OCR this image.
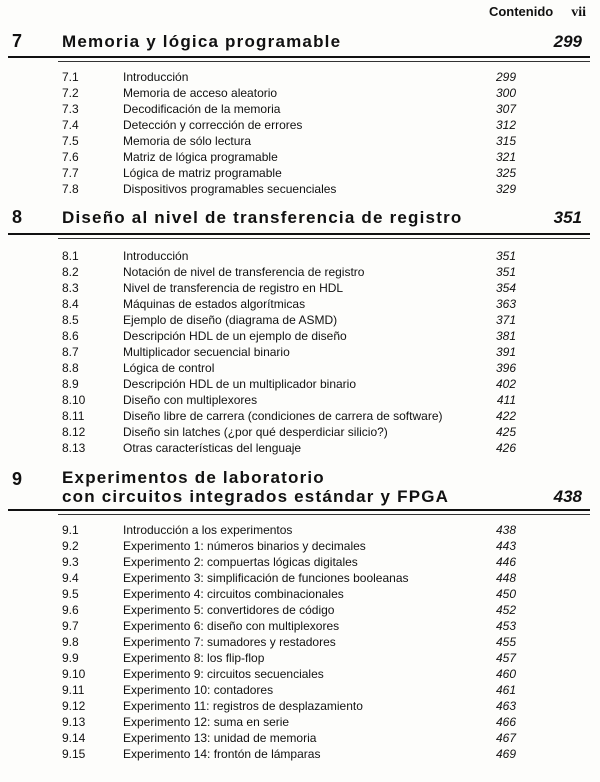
Contenido vii
7 Memoria y lógica programable	299
7.1	Introducción	299
7.2	Memoria de acceso aleatorio	300
7.3	Decodificación de la memoria	307
7.4	Detección y corrección de errores	312
7.5	Memoria de sólo lectura	315
7.6	Matriz de lógica programable	321
7.7	Lógica de matriz programable	325
7.8	Dispositivos programables secuenciales	329
8 Diseño al nivel de transferencia de registro	351
8.1	Introducción	351
8.2	Notación de nivel de transferencia de registro	351
8.3	Nivel de transferencia de registro en HDL	354
8.4	Máquinas de estados algorítmicas	363
8.5	Ejemplo de diseño (diagrama de ASMD)	371
8.6	Descripción HDL de un ejemplo de diseño	381
8.7	Multiplicador secuencial binario	391
8.8	Lógica de control	396
8.9	Descripción HDL de un multiplicador binario	402
8.10	Diseño con multiplexores	411
8.11	Diseño libre de carrera (condiciones de carrera de software)	422
8.12	Diseño sin latches (¿por qué desperdiciar silicio?)	425
8.13	Otras características del lenguaje	426
9 Experimentos de laboratorio
con circuitos integrados estándar y FPGA	438
9.1	Introducción a los experimentos	438
9.2	Experimento 1: números binarios y decimales	443
9.3	Experimento 2: compuertas lógicas digitales	446
9.4	Experimento 3: simplificación de funciones booleanas	448
9.5	Experimento 4: circuitos combinacionales	450
9.6	Experimento 5: convertidores de código	452
9.7	Experimento 6: diseño con multiplexores	453
9.8	Experimento 7: sumadores y restadores	455
9.9	Experimento 8: los flip-flop	457
9.10	Experimento 9: circuitos secuenciales	460
9.11	Experimento 10: contadores	461
9.12	Experimento 11: registros de desplazamiento	463
9.13	Experimento 12: suma en serie	466
9.14	Experimento 13: unidad de memoria	467
9.15	Experimento 14: frontón de lámparas	469
